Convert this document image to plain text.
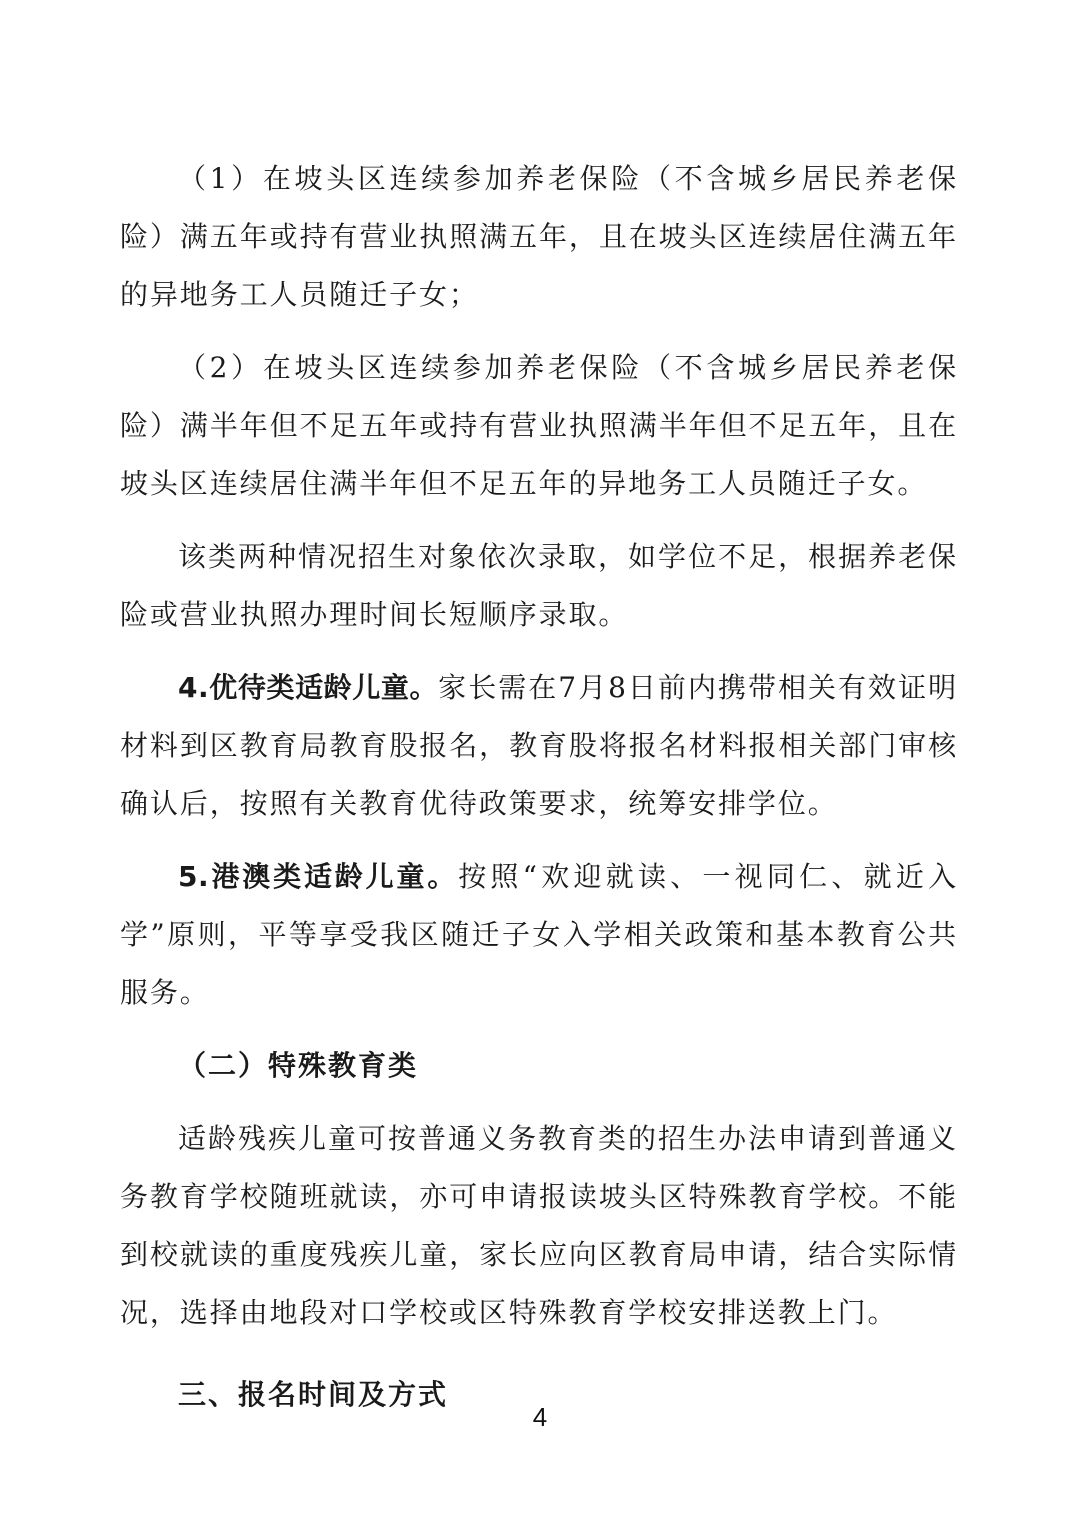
（1）在坡头区连续参加养老保险（不含城乡居民养老保险）满五年或持有营业执照满五年，且在坡头区连续居住满五年的异地务工人员随迁子女；

（2）在坡头区连续参加养老保险（不含城乡居民养老保险）满半年但不足五年或持有营业执照满半年但不足五年，且在坡头区连续居住满半年但不足五年的异地务工人员随迁子女。

该类两种情况招生对象依次录取，如学位不足，根据养老保险或营业执照办理时间长短顺序录取。

4.优待类适龄儿童。家长需在7月8日前内携带相关有效证明材料到区教育局教育股报名，教育股将报名材料报相关部门审核确认后，按照有关教育优待政策要求，统筹安排学位。

5.港澳类适龄儿童。按照“欢迎就读、一视同仁、就近入学”原则，平等享受我区随迁子女入学相关政策和基本教育公共服务。

（二）特殊教育类

适龄残疾儿童可按普通义务教育类的招生办法申请到普通义务教育学校随班就读，亦可申请报读坡头区特殊教育学校。不能到校就读的重度残疾儿童，家长应向区教育局申请，结合实际情况，选择由地段对口学校或区特殊教育学校安排送教上门。

三、报名时间及方式

4
